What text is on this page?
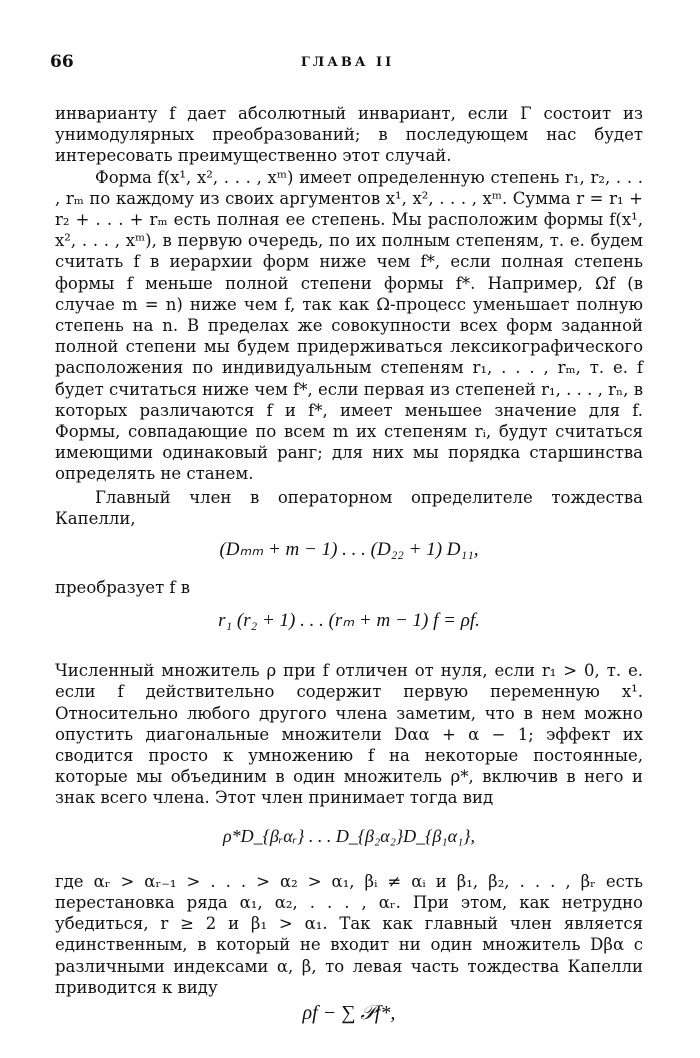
66	ГЛАВА II

инварианту f дает абсолютный инвариант, если Γ состоит из унимодулярных преобразований; в последующем нас будет интересовать преимущественно этот случай.

Форма f(x¹, x², . . . , xᵐ) имеет определенную степень r₁, r₂, . . . , rₘ по каждому из своих аргументов x¹, x², . . . , xᵐ. Сумма r = r₁ + r₂ + . . . + rₘ есть полная ее степень. Мы расположим формы f(x¹, x², . . . , xᵐ), в первую очередь, по их полным степеням, т. е. будем считать f в иерархии форм ниже чем f*, если полная степень формы f меньше полной степени формы f*. Например, Ωf (в случае m = n) ниже чем f, так как Ω-процесс уменьшает полную степень на n. В пределах же совокупности всех форм заданной полной степени мы будем придерживаться лексикографического расположения по индивидуальным степеням r₁, . . . , rₘ, т. е. f будет считаться ниже чем f*, если первая из степеней r₁, . . . , rₙ, в которых различаются f и f*, имеет меньшее значение для f. Формы, совпадающие по всем m их степеням rᵢ, будут считаться имеющими одинаковый ранг; для них мы порядка старшинства определять не станем.

Главный член в операторном определителе тождества Капелли,

(Dₘₘ + m − 1) . . . (D₂₂ + 1) D₁₁,

преобразует f в

r₁ (r₂ + 1) . . . (rₘ + m − 1) f = ρf.

Численный множитель ρ при f отличен от нуля, если r₁ > 0, т. е. если f действительно содержит первую переменную x¹. Относительно любого другого члена заметим, что в нем можно опустить диагональные множители Dαα + α − 1; эффект их сводится просто к умножению f на некоторые постоянные, которые мы объединим в один множитель ρ*, включив в него и знак всего члена. Этот член принимает тогда вид

ρ*D_{βᵣαᵣ} . . . D_{β₂α₂}D_{β₁α₁},

где αᵣ > αᵣ₋₁ > . . . > α₂ > α₁, βᵢ ≠ αᵢ и β₁, β₂, . . . , βᵣ есть перестановка ряда α₁, α₂, . . . , αᵣ. При этом, как нетрудно убедиться, r ≥ 2 и β₁ > α₁. Так как главный член является единственным, в который не входит ни один множитель Dβα с различными индексами α, β, то левая часть тождества Капелли приводится к виду

ρf − ∑ 𝒫f*,
